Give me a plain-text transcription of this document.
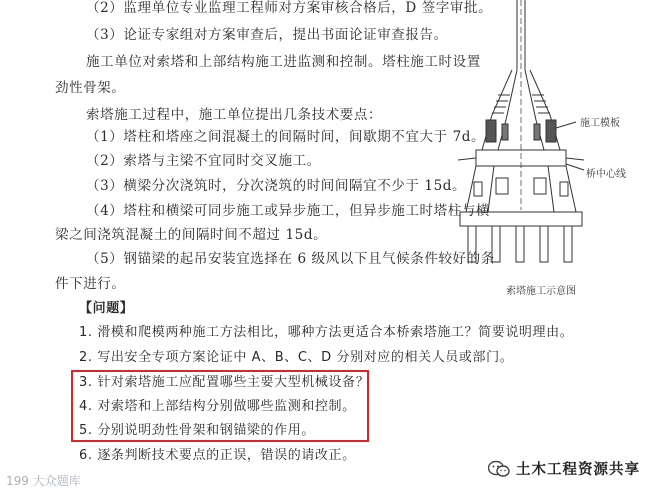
（2）监理单位专业监理工程师对方案审核合格后，D 签字审批。
（3）论证专家组对方案审查后，提出书面论证审查报告。
施工单位对索塔和上部结构施工进监测和控制。塔柱施工时设置
劲性骨架。
索塔施工过程中，施工单位提出几条技术要点：
（1）塔柱和塔座之间混凝土的间隔时间，间歇期不宜大于 7d。
（2）索塔与主梁不宜同时交叉施工。
（3）横梁分次浇筑时，分次浇筑的时间间隔宜不少于 15d。
（4）塔柱和横梁可同步施工或异步施工，但异步施工时塔柱与横
梁之间浇筑混凝土的间隔时间不超过 15d。
（5）钢锚梁的起吊安装宜选择在 6 级风以下且气候条件较好的条
件下进行。
【问题】
1. 滑模和爬模两种施工方法相比，哪种方法更适合本桥索塔施工？简要说明理由。
2. 写出安全专项方案论证中 A、B、C、D 分别对应的相关人员或部门。
3. 针对索塔施工应配置哪些主要大型机械设备？
4. 对索塔和上部结构分别做哪些监测和控制。
5. 分别说明劲性骨架和钢锚梁的作用。
6. 逐条判断技术要点的正误，错误的请改正。
施工模板
桥中心线
索塔施工示意图
199 大众题库
土木工程资源共享
